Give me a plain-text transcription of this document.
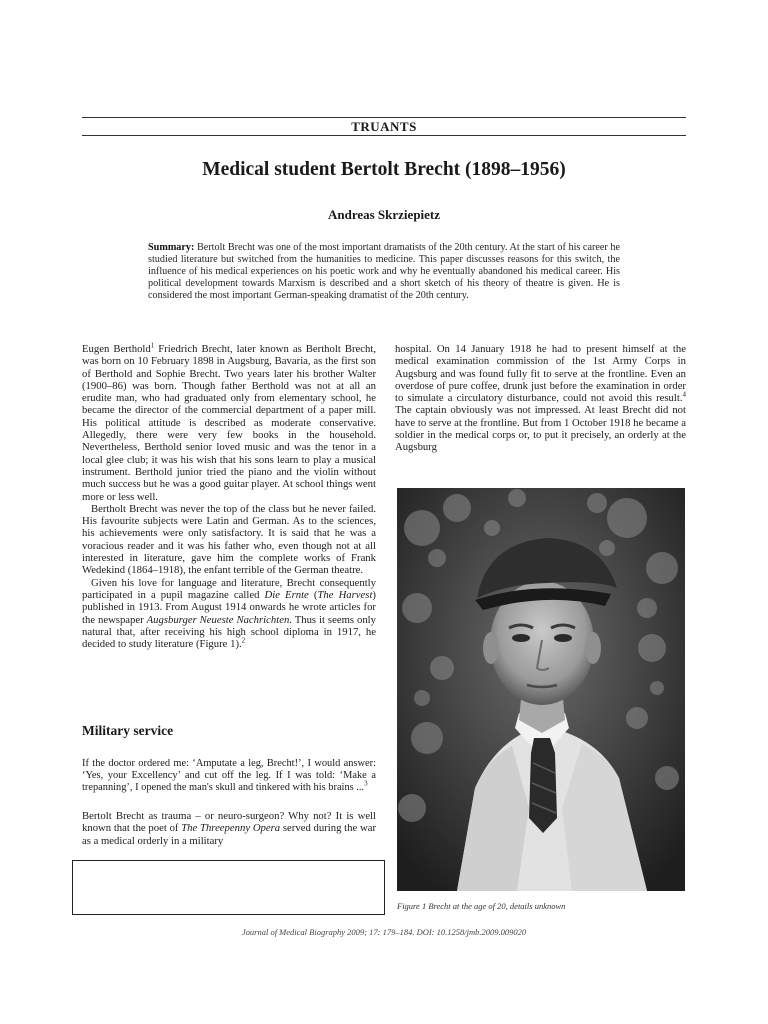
TRUANTS
Medical student Bertolt Brecht (1898–1956)
Andreas Skrziepietz
Summary: Bertolt Brecht was one of the most important dramatists of the 20th century. At the start of his career he studied literature but switched from the humanities to medicine. This paper discusses reasons for this switch, the influence of his medical experiences on his poetic work and why he eventually abandoned his medical career. His political development towards Marxism is described and a short sketch of his theory of theatre is given. He is considered the most important German-speaking dramatist of the 20th century.

Eugen Berthold$^1$ Friedrich Brecht, later known as Bertholt Brecht, was born on 10 February 1898 in Augsburg, Bavaria, as the first son of Berthold and Sophie Brecht. Two years later his brother Walter (1900–86) was born. Though father Berthold was not at all an erudite man, who had graduated only from elementary school, he became the director of the commercial department of a paper mill. His political attitude is described as moderate conservative. Allegedly, there were very few books in the household. Nevertheless, Berthold senior loved music and was the tenor in a local glee club; it was his wish that his sons learn to play a musical instrument. Berthold junior tried the piano and the violin without much success but he was a good guitar player. At school things went more or less well.

Bertholt Brecht was never the top of the class but he never failed. His favourite subjects were Latin and German. As to the sciences, his achievements were only satisfactory. It is said that he was a voracious reader and it was his father who, even though not at all interested in literature, gave him the complete works of Frank Wedekind (1864–1918), the enfant terrible of the German theatre.

Given his love for language and literature, Brecht consequently participated in a pupil magazine called Die Ernte (The Harvest) published in 1913. From August 1914 onwards he wrote articles for the newspaper Augsburger Neueste Nachrichten. Thus it seems only natural that, after receiving his high school diploma in 1917, he decided to study literature (Figure 1).$^2$

Military service
If the doctor ordered me: ‘Amputate a leg, Brecht!’, I would answer: ‘Yes, your Excellency’ and cut off the leg. If I was told: ‘Make a trepanning’, I opened the man's skull and tinkered with his brains ...$^3$
Bertolt Brecht as trauma – or neuro-surgeon? Why not? It is well known that the poet of The Threepenny Opera served during the war as a medical orderly in a military

hospital. On 14 January 1918 he had to present himself at the medical examination commission of the 1st Army Corps in Augsburg and was found fully fit to serve at the frontline. Even an overdose of pure coffee, drunk just before the examination in order to simulate a circulatory disturbance, could not avoid this result.$^4$ The captain obviously was not impressed. At least Brecht did not have to serve at the frontline. But from 1 October 1918 he became a soldier in the medical corps or, to put it precisely, an orderly at the Augsburg

Figure 1 Brecht at the age of 20, details unknown
Journal of Medical Biography 2009; 17: 179–184. DOI: 10.1258/jmb.2009.009020
